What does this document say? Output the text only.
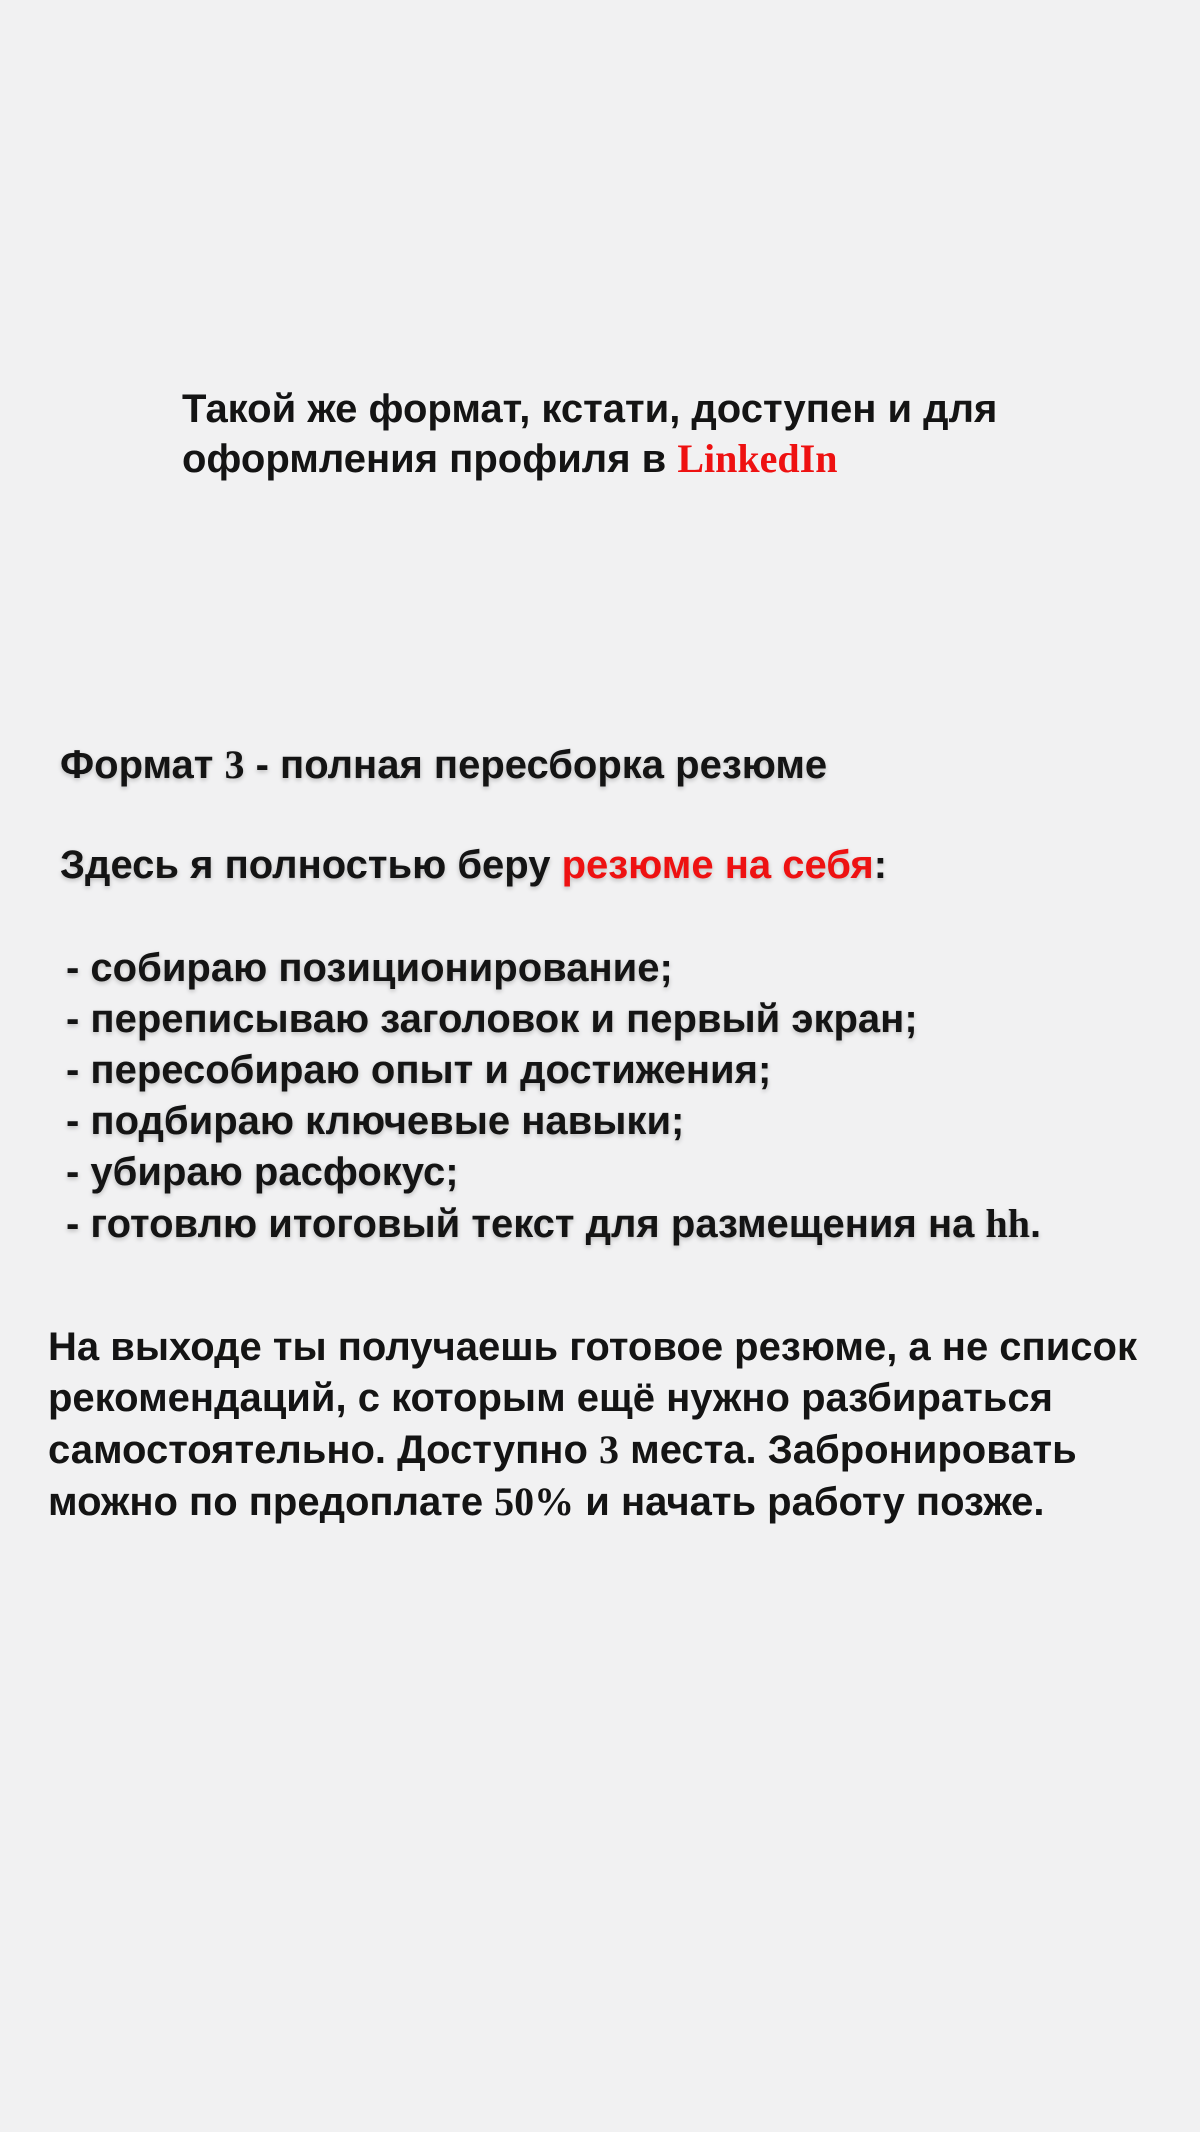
Такой же формат, кстати, доступен и для
оформления профиля в LinkedIn
Формат 3 - полная пересборка резюме
Здесь я полностью беру резюме на себя:
- собираю позиционирование;
- переписываю заголовок и первый экран;
- пересобираю опыт и достижения;
- подбираю ключевые навыки;
- убираю расфокус;
- готовлю итоговый текст для размещения на hh.
На выходе ты получаешь готовое резюме, а не список
рекомендаций, с которым ещё нужно разбираться
самостоятельно. Доступно 3 места. Забронировать
можно по предоплате 50% и начать работу позже.
